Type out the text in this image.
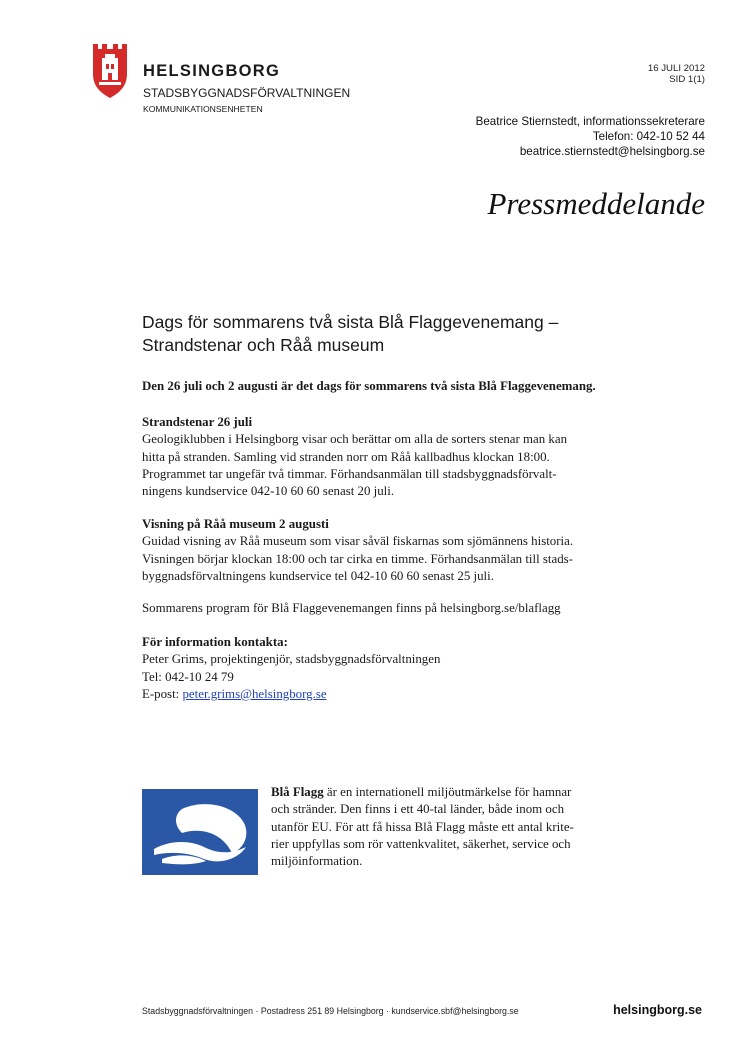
HELSINGBORG
STADSBYGGNADSFÖRVALTNINGEN
KOMMUNIKATIONSENHETEN
16 JULI 2012
SID 1(1)
Beatrice Stiernstedt, informationssekreterare
Telefon: 042-10 52 44
beatrice.stiernstedt@helsingborg.se
Pressmeddelande
Dags för sommarens två sista Blå Flaggevenemang –
Strandstenar och Råå museum
Den 26 juli och 2 augusti är det dags för sommarens två sista Blå Flaggevenemang.
Strandstenar 26 juli
Geologiklubben i Helsingborg visar och berättar om alla de sorters stenar man kan
hitta på stranden. Samling vid stranden norr om Råå kallbadhus klockan 18:00.
Programmet tar ungefär två timmar. Förhandsanmälan till stadsbyggnadsförvalt-
ningens kundservice 042-10 60 60 senast 20 juli.
Visning på Råå museum 2 augusti
Guidad visning av Råå museum som visar såväl fiskarnas som sjömännens historia.
Visningen börjar klockan 18:00 och tar cirka en timme. Förhandsanmälan till stads-
byggnadsförvaltningens kundservice tel 042-10 60 60 senast 25 juli.
Sommarens program för Blå Flaggevenemangen finns på helsingborg.se/blaflagg
För information kontakta:
Peter Grims, projektingenjör, stadsbyggnadsförvaltningen
Tel: 042-10 24 79
E-post: peter.grims@helsingborg.se
Blå Flagg är en internationell miljöutmärkelse för hamnar
och stränder. Den finns i ett 40-tal länder, både inom och
utanför EU. För att få hissa Blå Flagg måste ett antal krite-
rier uppfyllas som rör vattenkvalitet, säkerhet, service och
miljöinformation.
Stadsbyggnadsförvaltningen · Postadress 251 89 Helsingborg · kundservice.sbf@helsingborg.se	helsingborg.se
